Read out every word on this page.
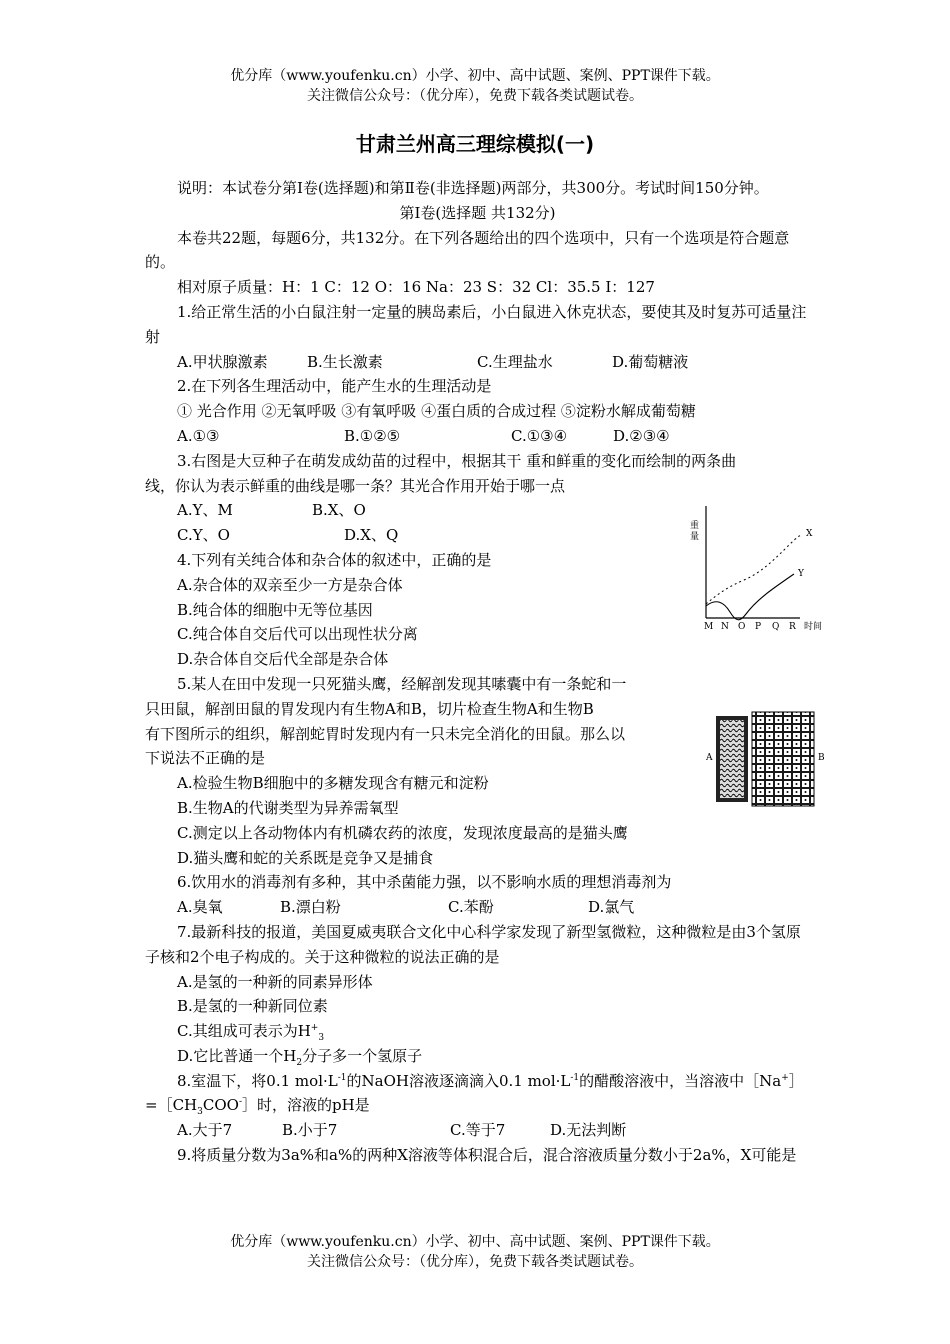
优分库（www.youfenku.cn）小学、初中、高中试题、案例、PPT课件下载。
关注微信公众号：（优分库），免费下载各类试题试卷。
甘肃兰州高三理综模拟(一)

说明：本试卷分第Ⅰ卷(选择题)和第Ⅱ卷(非选择题)两部分，共300分。考试时间150分钟。

第Ⅰ卷(选择题 共132分)

本卷共22题，每题6分，共132分。在下列各题给出的四个选项中，只有一个选项是符合题意的。

相对原子质量：H：1 C：12 O：16 Na：23 S：32 Cl：35.5 I：127

1.给正常生活的小白鼠注射一定量的胰岛素后，小白鼠进入休克状态，要使其及时复苏可适量注射

A.甲状腺激素	B.生长激素	C.生理盐水	D.葡萄糖液

2.在下列各生理活动中，能产生水的生理活动是

① 光合作用 ②无氧呼吸 ③有氧呼吸 ④蛋白质的合成过程 ⑤淀粉水解成葡萄糖

A.①③	B.①②⑤	C.①③④	D.②③④

3.右图是大豆种子在萌发成幼苗的过程中，根据其干 重和鲜重的变化而绘制的两条曲

线，你认为表示鲜重的曲线是哪一条？其光合作用开始于哪一点

A.Y、M	B.X、O
C.Y、O	D.X、Q

4.下列有关纯合体和杂合体的叙述中，正确的是

A.杂合体的双亲至少一方是杂合体

B.纯合体的细胞中无等位基因

C.纯合体自交后代可以出现性状分离

D.杂合体自交后代全部是杂合体

5.某人在田中发现一只死猫头鹰，经解剖发现其嗉囊中有一条蛇和一

只田鼠，解剖田鼠的胃发现内有生物A和B，切片检查生物A和生物B

有下图所示的组织，解剖蛇胃时发现内有一只未完全消化的田鼠。那么以

下说法不正确的是

A.检验生物B细胞中的多糖发现含有糖元和淀粉

B.生物A的代谢类型为异养需氧型

C.测定以上各动物体内有机磷农药的浓度，发现浓度最高的是猫头鹰

D.猫头鹰和蛇的关系既是竞争又是捕食

6.饮用水的消毒剂有多种，其中杀菌能力强，以不影响水质的理想消毒剂为

A.臭氧	B.漂白粉	C.苯酚	D.氯气

7.最新科技的报道，美国夏威夷联合文化中心科学家发现了新型氢微粒，这种微粒是由3个氢原子核和2个电子构成的。关于这种微粒的说法正确的是

A.是氢的一种新的同素异形体

B.是氢的一种新同位素

C.其组成可表示为$H^+_3$

D.它比普通一个$H_2$分子多一个氢原子

8.室温下，将0.1 $mol\cdot L^{-1}$的NaOH溶液逐滴滴入0.1 $mol\cdot L^{-1}$的醋酸溶液中，当溶液中$[Na^+]=[CH_3COO^-]$时，溶液的pH是

A.大于7	B.小于7	C.等于7	D.无法判断

9.将质量分数为3a%和a%的两种X溶液等体积混合后，混合溶液质量分数小于2a%，X可能是

重
量	X
Y
M N O P Q R 时间
A	B
优分库（www.youfenku.cn）小学、初中、高中试题、案例、PPT课件下载。
关注微信公众号：（优分库），免费下载各类试题试卷。
